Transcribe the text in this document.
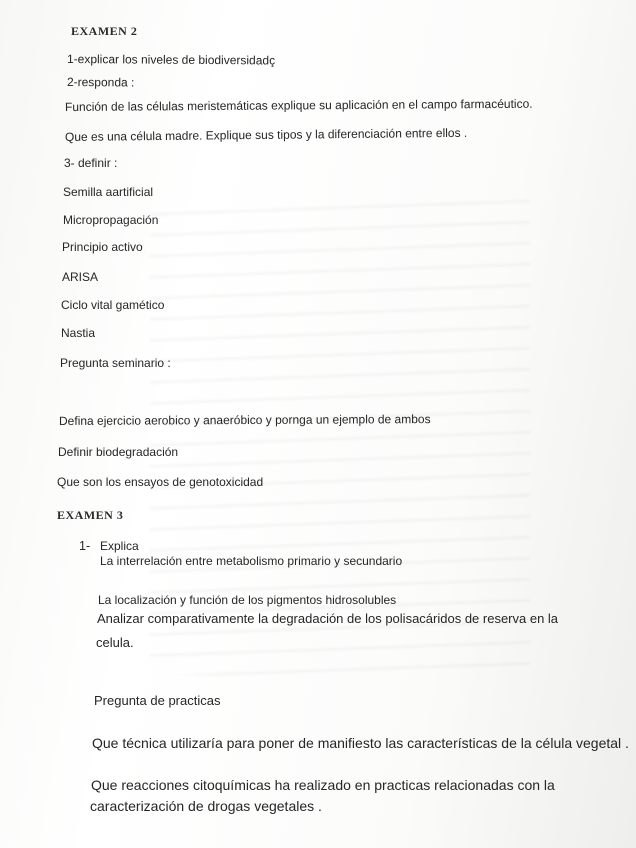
EXAMEN 2
1-explicar los niveles de biodiversidadç
2-responda :
Función de las células meristemáticas explique su aplicación en el campo farmacéutico.
Que es una célula madre. Explique sus tipos y la diferenciación entre ellos .
3- definir :
Semilla aartificial
Micropropagación
Principio activo
ARISA
Ciclo vital gamético
Nastia
Pregunta seminario :
Defina ejercicio aerobico y anaeróbico y pornga un ejemplo de ambos
Definir biodegradación
Que son los ensayos de genotoxicidad
EXAMEN 3
1- Explica
La interrelación entre metabolismo primario y secundario
La localización y función de los pigmentos hidrosolubles
Analizar comparativamente la degradación de los polisacáridos de reserva en la
celula.
Pregunta de practicas
Que técnica utilizaría para poner de manifiesto las características de la célula vegetal .
Que reacciones citoquímicas ha realizado en practicas relacionadas con la
caracterización de drogas vegetales .
